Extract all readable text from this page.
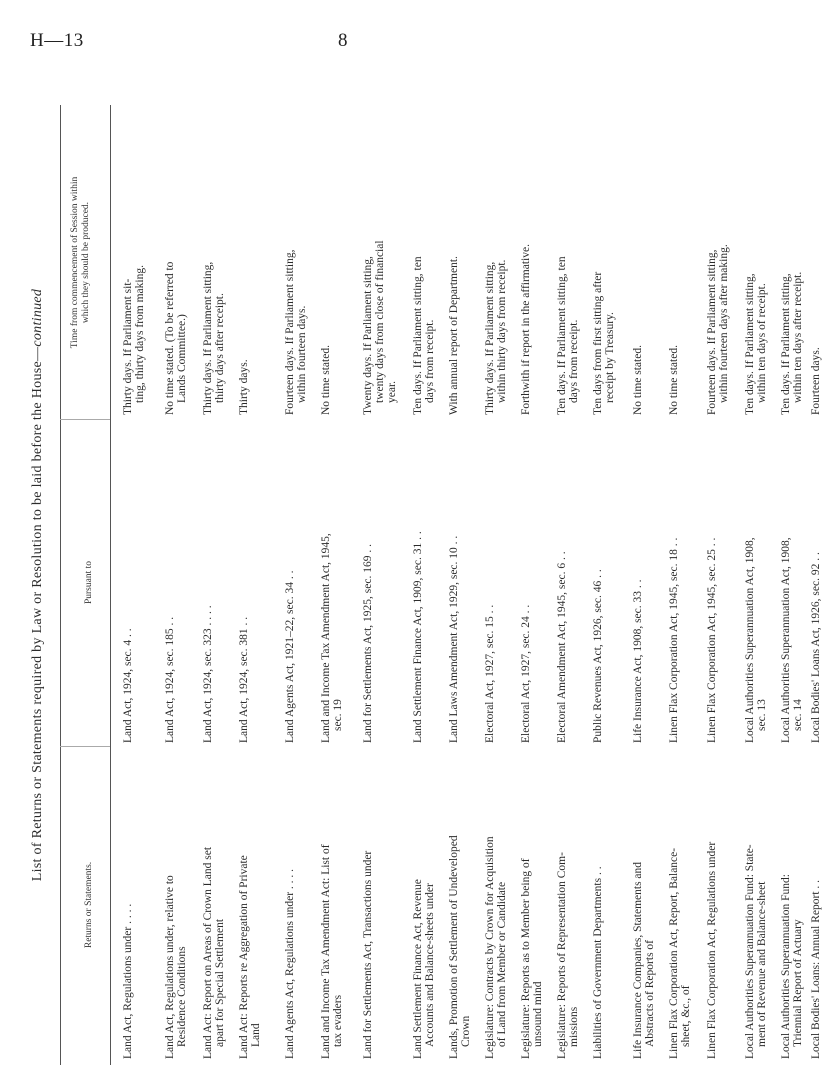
H—13	8
List of Returns or Statements required by Law or Resolution to be laid before the House—continued
Returns or Statements.
Pursuant to
Time from commencement of Session within which they should be produced.
Land Act, Regulations under . . . .
Land Act, 1924, sec. 4 . .
Thirty days. If Parliament sit- ting, thirty days from making.
Land Act, Regulations under, relative to Residence Conditions
Land Act, 1924, sec. 185 . .
No time stated. (To be referred to Lands Committee.)
Land Act: Report on Areas of Crown Land set apart for Special Settlement
Land Act, 1924, sec. 323 . . . .
Thirty days. If Parliament sitting, thirty days after receipt.
Land Act: Reports re Aggregation of Private Land
Land Act, 1924, sec. 381 . .
Thirty days.
Land Agents Act, Regulations under . . . .
Land Agents Act, 1921–22, sec. 34 . .
Fourteen days. If Parliament sitting, within fourteen days.
Land and Income Tax Amendment Act: List of tax evaders
Land and Income Tax Amendment Act, 1945, sec. 19
No time stated.
Land for Settlements Act, Transactions under
Land for Settlements Act, 1925, sec. 169 . .
Twenty days. If Parliament sitting, twenty days from close of financial year.
Land Settlement Finance Act, Revenue Accounts and Balance-sheets under
Land Settlement Finance Act, 1909, sec. 31 . .
Ten days. If Parliament sitting, ten days from receipt.
Lands, Promotion of Settlement of Undeveloped Crown
Land Laws Amendment Act, 1929, sec. 10 . .
With annual report of Department.
Legislature: Contracts by Crown for Acquisition of Land from Member or Candidate
Electoral Act, 1927, sec. 15 . .
Thirty days. If Parliament sitting, within thirty days from receipt.
Legislature: Reports as to Member being of unsound mind
Electoral Act, 1927, sec. 24 . .
Forthwith if report in the affirmative.
Legislature: Reports of Representation Com- missions
Electoral Amendment Act, 1945, sec. 6 . .
Ten days. If Parliament sitting, ten days from receipt.
Liabilities of Government Departments . .
Public Revenues Act, 1926, sec. 46 . .
Ten days from first sitting after receipt by Treasury.
Life Insurance Companies, Statements and Abstracts of Reports of
Life Insurance Act, 1908, sec. 33 . .
No time stated.
Linen Flax Corporation Act, Report, Balance- sheet, &c., of
Linen Flax Corporation Act, 1945, sec. 18 . .
No time stated.
Linen Flax Corporation Act, Regulations under
Linen Flax Corporation Act, 1945, sec. 25 . .
Fourteen days. If Parliament sitting, within fourteen days after making.
Local Authorities Superannuation Fund: State- ment of Revenue and Balance-sheet
Local Authorities Superannuation Act, 1908, sec. 13
Ten days. If Parliament sitting, within ten days of receipt.
Local Authorities Superannuation Fund: Triennial Report of Actuary
Local Authorities Superannuation Act, 1908, sec. 14
Ten days. If Parliament sitting, within ten days after receipt.
Local Bodies' Loans: Annual Report . .
Local Bodies' Loans Act, 1926, sec. 92 . .
Fourteen days.
